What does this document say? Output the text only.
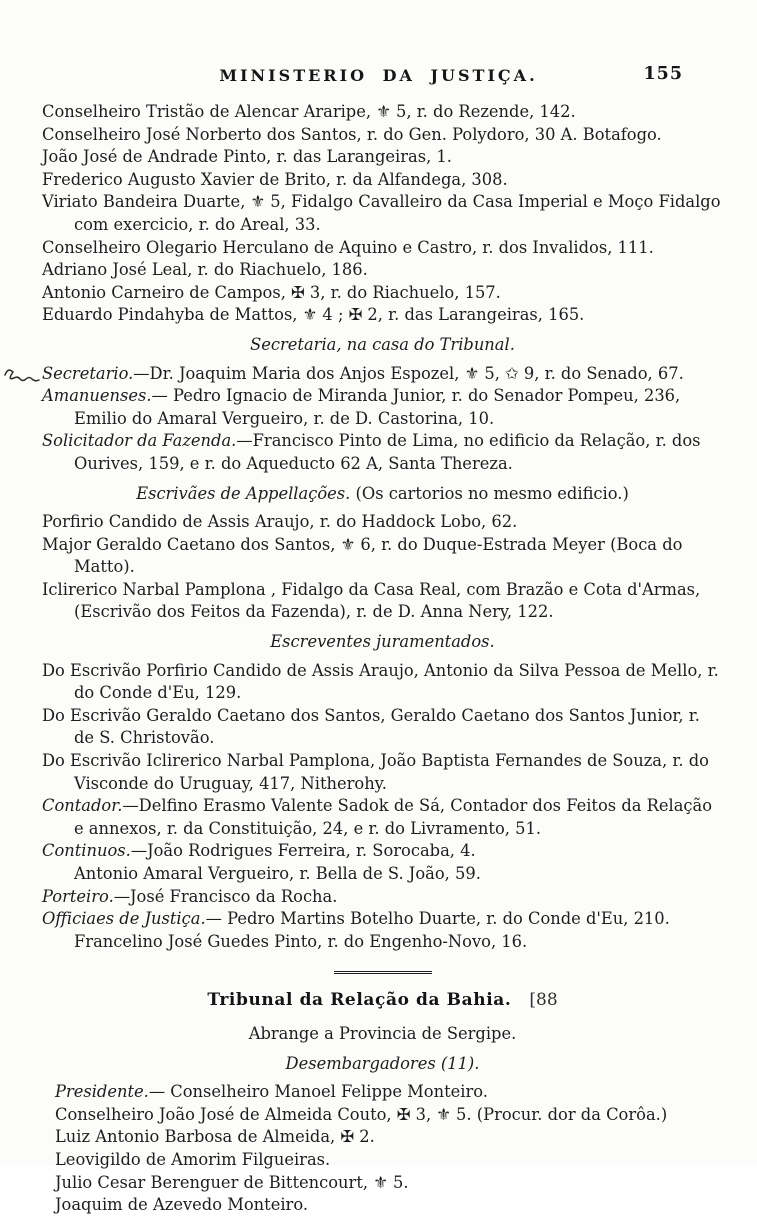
MINISTERIO DA JUSTIÇA.	155
Conselheiro Tristão de Alencar Araripe, ⚜ 5, r. do Rezende, 142.
Conselheiro José Norberto dos Santos, r. do Gen. Polydoro, 30 A. Botafogo.
João José de Andrade Pinto, r. das Larangeiras, 1.
Frederico Augusto Xavier de Brito, r. da Alfandega, 308.
Viriato Bandeira Duarte, ⚜ 5, Fidalgo Cavalleiro da Casa Imperial e Moço Fidalgo com exercicio, r. do Areal, 33.
Conselheiro Olegario Herculano de Aquino e Castro, r. dos Invalidos, 111.
Adriano José Leal, r. do Riachuelo, 186.
Antonio Carneiro de Campos, ✠ 3, r. do Riachuelo, 157.
Eduardo Pindahyba de Mattos, ⚜ 4 ; ✠ 2, r. das Larangeiras, 165.
Secretaria, na casa do Tribunal.
Secretario.—Dr. Joaquim Maria dos Anjos Espozel, ⚜ 5, ✩ 9, r. do Senado, 67.
Amanuenses.— Pedro Ignacio de Miranda Junior, r. do Senador Pompeu, 236,
Emilio do Amaral Vergueiro, r. de D. Castorina, 10.
Solicitador da Fazenda.—Francisco Pinto de Lima, no edificio da Relação, r. dos Ourives, 159, e r. do Aqueducto 62 A, Santa Thereza.
Escrivães de Appellações. (Os cartorios no mesmo edificio.)
Porfirio Candido de Assis Araujo, r. do Haddock Lobo, 62.
Major Geraldo Caetano dos Santos, ⚜ 6, r. do Duque-Estrada Meyer (Boca do Matto).
Iclirerico Narbal Pamplona , Fidalgo da Casa Real, com Brazão e Cota d'Armas, (Escrivão dos Feitos da Fazenda), r. de D. Anna Nery, 122.
Escreventes juramentados.
Do Escrivão Porfirio Candido de Assis Araujo, Antonio da Silva Pessoa de Mello, r. do Conde d'Eu, 129.
Do Escrivão Geraldo Caetano dos Santos, Geraldo Caetano dos Santos Junior, r. de S. Christovão.
Do Escrivão Iclirerico Narbal Pamplona, João Baptista Fernandes de Souza, r. do Visconde do Uruguay, 417, Nitherohy.
Contador.—Delfino Erasmo Valente Sadok de Sá, Contador dos Feitos da Relação e annexos, r. da Constituição, 24, e r. do Livramento, 51.
Continuos.—João Rodrigues Ferreira, r. Sorocaba, 4.
Antonio Amaral Vergueiro, r. Bella de S. João, 59.
Porteiro.—José Francisco da Rocha.
Officiaes de Justiça.— Pedro Martins Botelho Duarte, r. do Conde d'Eu, 210.
Francelino José Guedes Pinto, r. do Engenho-Novo, 16.
Tribunal da Relação da Bahia. [88
Abrange a Provincia de Sergipe.
Desembargadores (11).
Presidente.— Conselheiro Manoel Felippe Monteiro.
Conselheiro João José de Almeida Couto, ✠ 3, ⚜ 5. (Procur. dor da Corôa.)
Luiz Antonio Barbosa de Almeida, ✠ 2.
Leovigildo de Amorim Filgueiras.
Julio Cesar Berenguer de Bittencourt, ⚜ 5.
Joaquim de Azevedo Monteiro.
